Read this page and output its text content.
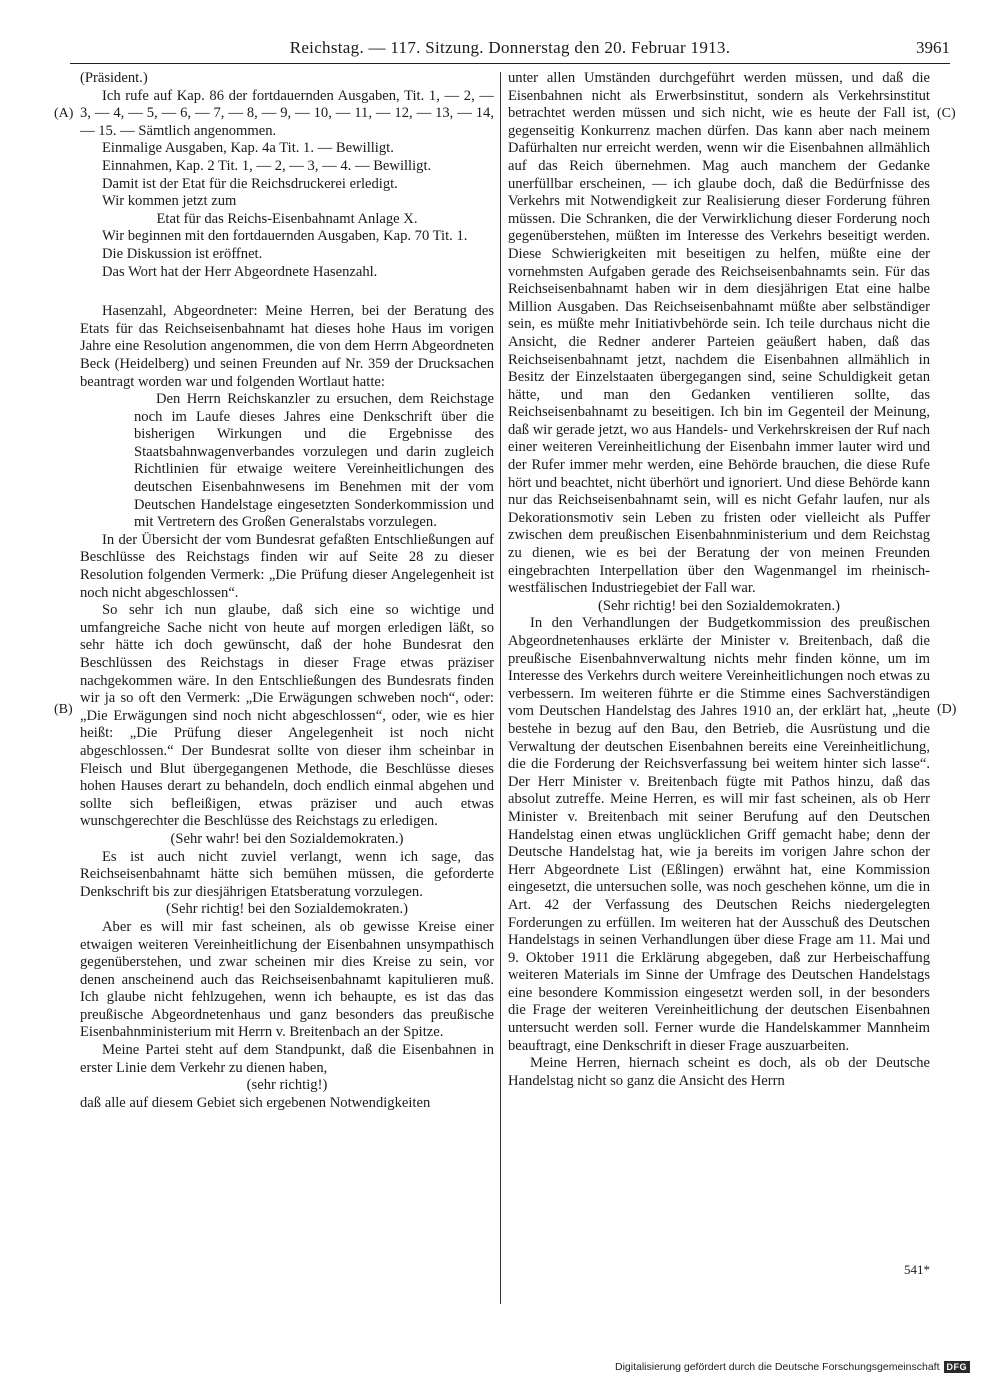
Reichstag. — 117. Sitzung. Donnerstag den 20. Februar 1913.	3961
(A)
(B)
(C)
(D)

(Präsident.)

Ich rufe auf Kap. 86 der fortdauernden Ausgaben, Tit. 1, — 2, — 3, — 4, — 5, — 6, — 7, — 8, — 9, — 10, — 11, — 12, — 13, — 14, — 15. — Sämtlich angenommen.

Einmalige Ausgaben, Kap. 4a Tit. 1. — Bewilligt.

Einnahmen, Kap. 2 Tit. 1, — 2, — 3, — 4. — Bewilligt.

Damit ist der Etat für die Reichsdruckerei erledigt.

Wir kommen jetzt zum

Etat für das Reichs-Eisenbahnamt Anlage X.

Wir beginnen mit den fortdauernden Ausgaben, Kap. 70 Tit. 1.

Die Diskussion ist eröffnet.

Das Wort hat der Herr Abgeordnete Hasenzahl.

Hasenzahl, Abgeordneter: Meine Herren, bei der Beratung des Etats für das Reichseisenbahnamt hat dieses hohe Haus im vorigen Jahre eine Resolution angenommen, die von dem Herrn Abgeordneten Beck (Heidelberg) und seinen Freunden auf Nr. 359 der Drucksachen beantragt worden war und folgenden Wortlaut hatte:

Den Herrn Reichskanzler zu ersuchen, dem Reichstage noch im Laufe dieses Jahres eine Denkschrift über die bisherigen Wirkungen und die Ergebnisse des Staatsbahnwagenverbandes vorzulegen und darin zugleich Richtlinien für etwaige weitere Vereinheitlichungen des deutschen Eisenbahnwesens im Benehmen mit der vom Deutschen Handelstage eingesetzten Sonderkommission und mit Vertretern des Großen Generalstabs vorzulegen.

In der Übersicht der vom Bundesrat gefaßten Entschließungen auf Beschlüsse des Reichstags finden wir auf Seite 28 zu dieser Resolution folgenden Vermerk: „Die Prüfung dieser Angelegenheit ist noch nicht abgeschlossen“.

So sehr ich nun glaube, daß sich eine so wichtige und umfangreiche Sache nicht von heute auf morgen erledigen läßt, so sehr hätte ich doch gewünscht, daß der hohe Bundesrat den Beschlüssen des Reichstags in dieser Frage etwas präziser nachgekommen wäre. In den Entschließungen des Bundesrats finden wir ja so oft den Vermerk: „Die Erwägungen schweben noch“, oder: „Die Erwägungen sind noch nicht abgeschlossen“, oder, wie es hier heißt: „Die Prüfung dieser Angelegenheit ist noch nicht abgeschlossen.“ Der Bundesrat sollte von dieser ihm scheinbar in Fleisch und Blut übergegangenen Methode, die Beschlüsse dieses hohen Hauses derart zu behandeln, doch endlich einmal abgehen und sollte sich befleißigen, etwas präziser und auch etwas wunschgerechter die Beschlüsse des Reichstags zu erledigen.

(Sehr wahr! bei den Sozialdemokraten.)

Es ist auch nicht zuviel verlangt, wenn ich sage, das Reichseisenbahnamt hätte sich bemühen müssen, die geforderte Denkschrift bis zur diesjährigen Etatsberatung vorzulegen.

(Sehr richtig! bei den Sozialdemokraten.)

Aber es will mir fast scheinen, als ob gewisse Kreise einer etwaigen weiteren Vereinheitlichung der Eisenbahnen unsympathisch gegenüberstehen, und zwar scheinen mir dies Kreise zu sein, vor denen anscheinend auch das Reichseisenbahnamt kapitulieren muß. Ich glaube nicht fehlzugehen, wenn ich behaupte, es ist das das preußische Abgeordnetenhaus und ganz besonders das preußische Eisenbahnministerium mit Herrn v. Breitenbach an der Spitze.

Meine Partei steht auf dem Standpunkt, daß die Eisenbahnen in erster Linie dem Verkehr zu dienen haben,

(sehr richtig!)

daß alle auf diesem Gebiet sich ergebenen Notwendigkeiten

unter allen Umständen durchgeführt werden müssen, und daß die Eisenbahnen nicht als Erwerbsinstitut, sondern als Verkehrsinstitut betrachtet werden müssen und sich nicht, wie es heute der Fall ist, gegenseitig Konkurrenz machen dürfen. Das kann aber nach meinem Dafürhalten nur erreicht werden, wenn wir die Eisenbahnen allmählich auf das Reich übernehmen. Mag auch manchem der Gedanke unerfüllbar erscheinen, — ich glaube doch, daß die Bedürfnisse des Verkehrs mit Notwendigkeit zur Realisierung dieser Forderung führen müssen. Die Schranken, die der Verwirklichung dieser Forderung noch gegenüberstehen, müßten im Interesse des Verkehrs beseitigt werden. Diese Schwierigkeiten mit beseitigen zu helfen, müßte eine der vornehmsten Aufgaben gerade des Reichseisenbahnamts sein. Für das Reichseisenbahnamt haben wir in dem diesjährigen Etat eine halbe Million Ausgaben. Das Reichseisenbahnamt müßte aber selbständiger sein, es müßte mehr Initiativbehörde sein. Ich teile durchaus nicht die Ansicht, die Redner anderer Parteien geäußert haben, daß das Reichseisenbahnamt jetzt, nachdem die Eisenbahnen allmählich in Besitz der Einzelstaaten übergegangen sind, seine Schuldigkeit getan hätte, und man den Gedanken ventilieren sollte, das Reichseisenbahnamt zu beseitigen. Ich bin im Gegenteil der Meinung, daß wir gerade jetzt, wo aus Handels- und Verkehrskreisen der Ruf nach einer weiteren Vereinheitlichung der Eisenbahn immer lauter wird und der Rufer immer mehr werden, eine Behörde brauchen, die diese Rufe hört und beachtet, nicht überhört und ignoriert. Und diese Behörde kann nur das Reichseisenbahnamt sein, will es nicht Gefahr laufen, nur als Dekorationsmotiv sein Leben zu fristen oder vielleicht als Puffer zwischen dem preußischen Eisenbahnministerium und dem Reichstag zu dienen, wie es bei der Beratung der von meinen Freunden eingebrachten Interpellation über den Wagenmangel im rheinisch-westfälischen Industriegebiet der Fall war.

(Sehr richtig! bei den Sozialdemokraten.)

In den Verhandlungen der Budgetkommission des preußischen Abgeordnetenhauses erklärte der Minister v. Breitenbach, daß die preußische Eisenbahnverwaltung nichts mehr finden könne, um im Interesse des Verkehrs durch weitere Vereinheitlichungen noch etwas zu verbessern. Im weiteren führte er die Stimme eines Sachverständigen vom Deutschen Handelstag des Jahres 1910 an, der erklärt hat, „heute bestehe in bezug auf den Bau, den Betrieb, die Ausrüstung und die Verwaltung der deutschen Eisenbahnen bereits eine Vereinheitlichung, die die Forderung der Reichsverfassung bei weitem hinter sich lasse“. Der Herr Minister v. Breitenbach fügte mit Pathos hinzu, daß das absolut zutreffe. Meine Herren, es will mir fast scheinen, als ob Herr Minister v. Breitenbach mit seiner Berufung auf den Deutschen Handelstag einen etwas unglücklichen Griff gemacht habe; denn der Deutsche Handelstag hat, wie ja bereits im vorigen Jahre schon der Herr Abgeordnete List (Eßlingen) erwähnt hat, eine Kommission eingesetzt, die untersuchen solle, was noch geschehen könne, um die in Art. 42 der Verfassung des Deutschen Reichs niedergelegten Forderungen zu erfüllen. Im weiteren hat der Ausschuß des Deutschen Handelstags in seinen Verhandlungen über diese Frage am 11. Mai und 9. Oktober 1911 die Erklärung abgegeben, daß zur Herbeischaffung weiteren Materials im Sinne der Umfrage des Deutschen Handelstags eine besondere Kommission eingesetzt werden soll, in der besonders die Frage der weiteren Vereinheitlichung der deutschen Eisenbahnen untersucht werden soll. Ferner wurde die Handelskammer Mannheim beauftragt, eine Denkschrift in dieser Frage auszuarbeiten.

Meine Herren, hiernach scheint es doch, als ob der Deutsche Handelstag nicht so ganz die Ansicht des Herrn

541*
Digitalisierung gefördert durch die Deutsche Forschungsgemeinschaft DFG
